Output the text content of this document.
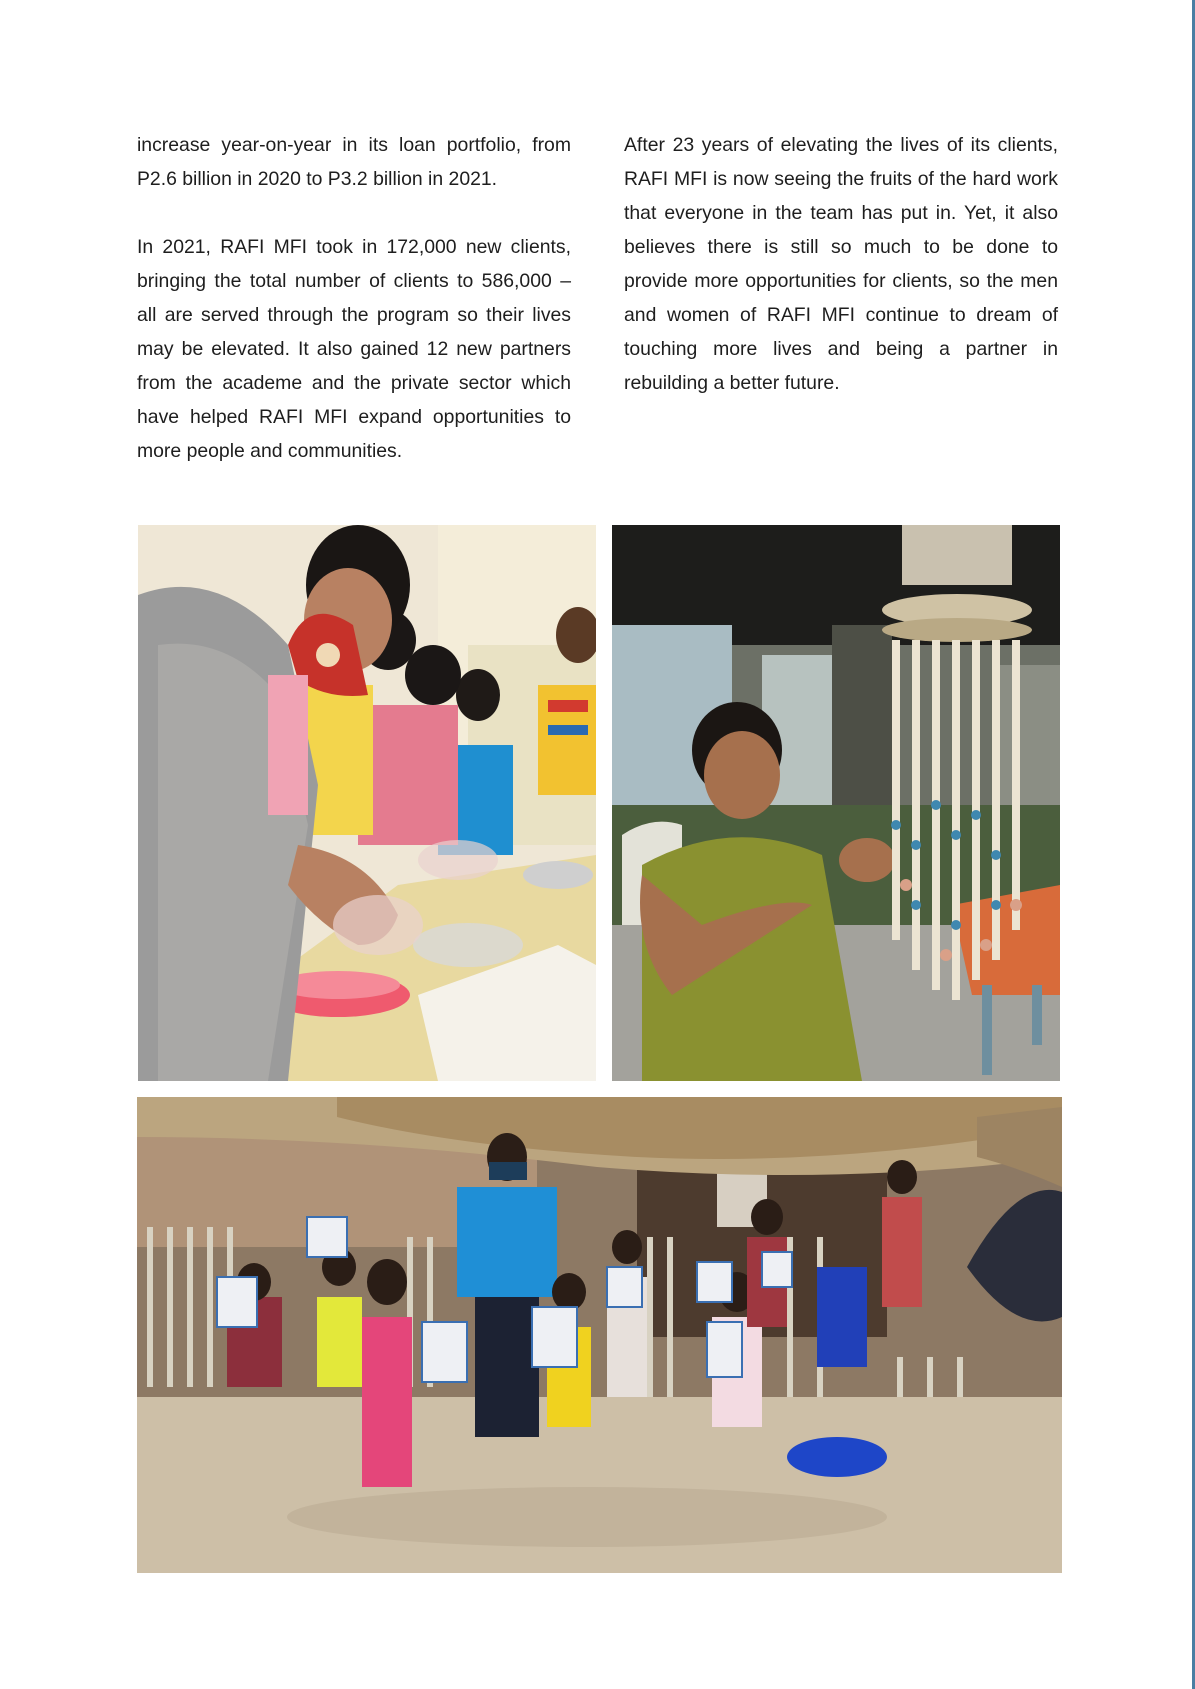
increase year-on-year in its loan portfolio, from P2.6 billion in 2020 to P3.2 billion in 2021.

In 2021, RAFI MFI took in 172,000 new clients, bringing the total number of clients to 586,000 – all are served through the program so their lives may be elevated. It also gained 12 new partners from the academe and the private sector which have helped RAFI MFI expand opportunities to more people and communities.

After 23 years of elevating the lives of its clients, RAFI MFI is now seeing the fruits of the hard work that everyone in the team has put in. Yet, it also believes there is still so much to be done to provide more opportunities for clients, so the men and women of RAFI MFI continue to dream of touching more lives and being a partner in rebuilding a better future.
